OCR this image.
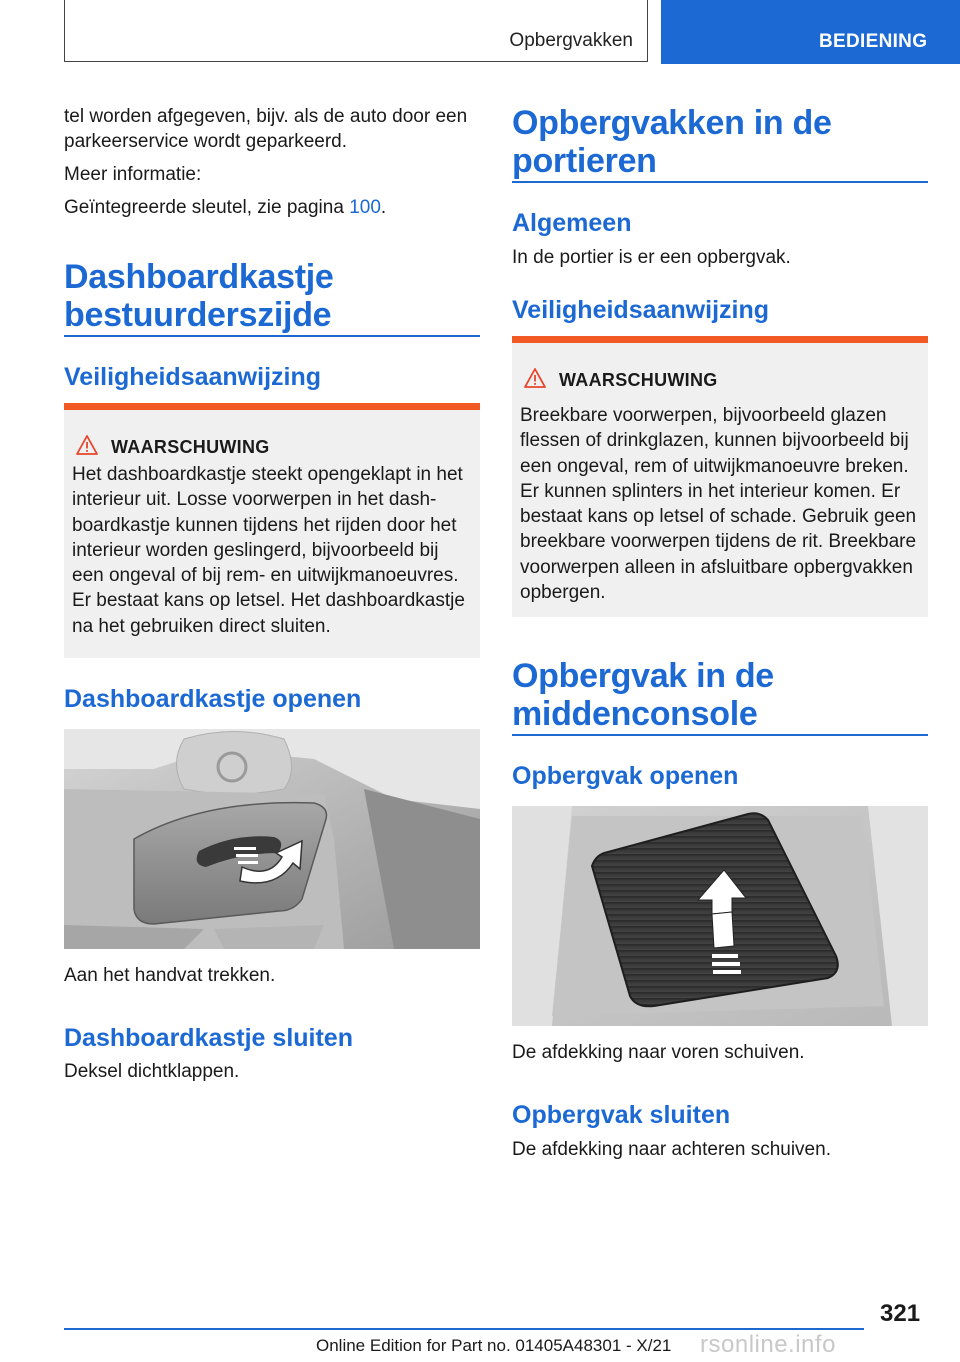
Opbergvakken	BEDIENING

tel worden afgegeven, bijv. als de auto door een

parkeerservice wordt geparkeerd.

Meer informatie:

Geïntegreerde sleutel, zie pagina 100.

Dashboardkastje
bestuurderszijde
Veiligheidsaanwijzing
WAARSCHUWING
Het dashboardkastje steekt opengeklapt in het
interieur uit. Losse voorwerpen in het dash-
boardkastje kunnen tijdens het rijden door het
interieur worden geslingerd, bijvoorbeeld bij
een ongeval of bij rem- en uitwijkmanoeuvres.
Er bestaat kans op letsel. Het dashboardkastje
na het gebruiken direct sluiten.
Dashboardkastje openen

Aan het handvat trekken.

Dashboardkastje sluiten

Deksel dichtklappen.

Opbergvakken in de
portieren
Algemeen

In de portier is er een opbergvak.

Veiligheidsaanwijzing
WAARSCHUWING
Breekbare voorwerpen, bijvoorbeeld glazen
flessen of drinkglazen, kunnen bijvoorbeeld bij
een ongeval, rem of uitwijkmanoeuvre breken.
Er kunnen splinters in het interieur komen. Er
bestaat kans op letsel of schade. Gebruik geen
breekbare voorwerpen tijdens de rit. Breekbare
voorwerpen alleen in afsluitbare opbergvakken
opbergen.
Opbergvak in de
middenconsole
Opbergvak openen

De afdekking naar voren schuiven.

Opbergvak sluiten

De afdekking naar achteren schuiven.

321
Online Edition for Part no. 01405A48301 - X/21 rsonline.info
